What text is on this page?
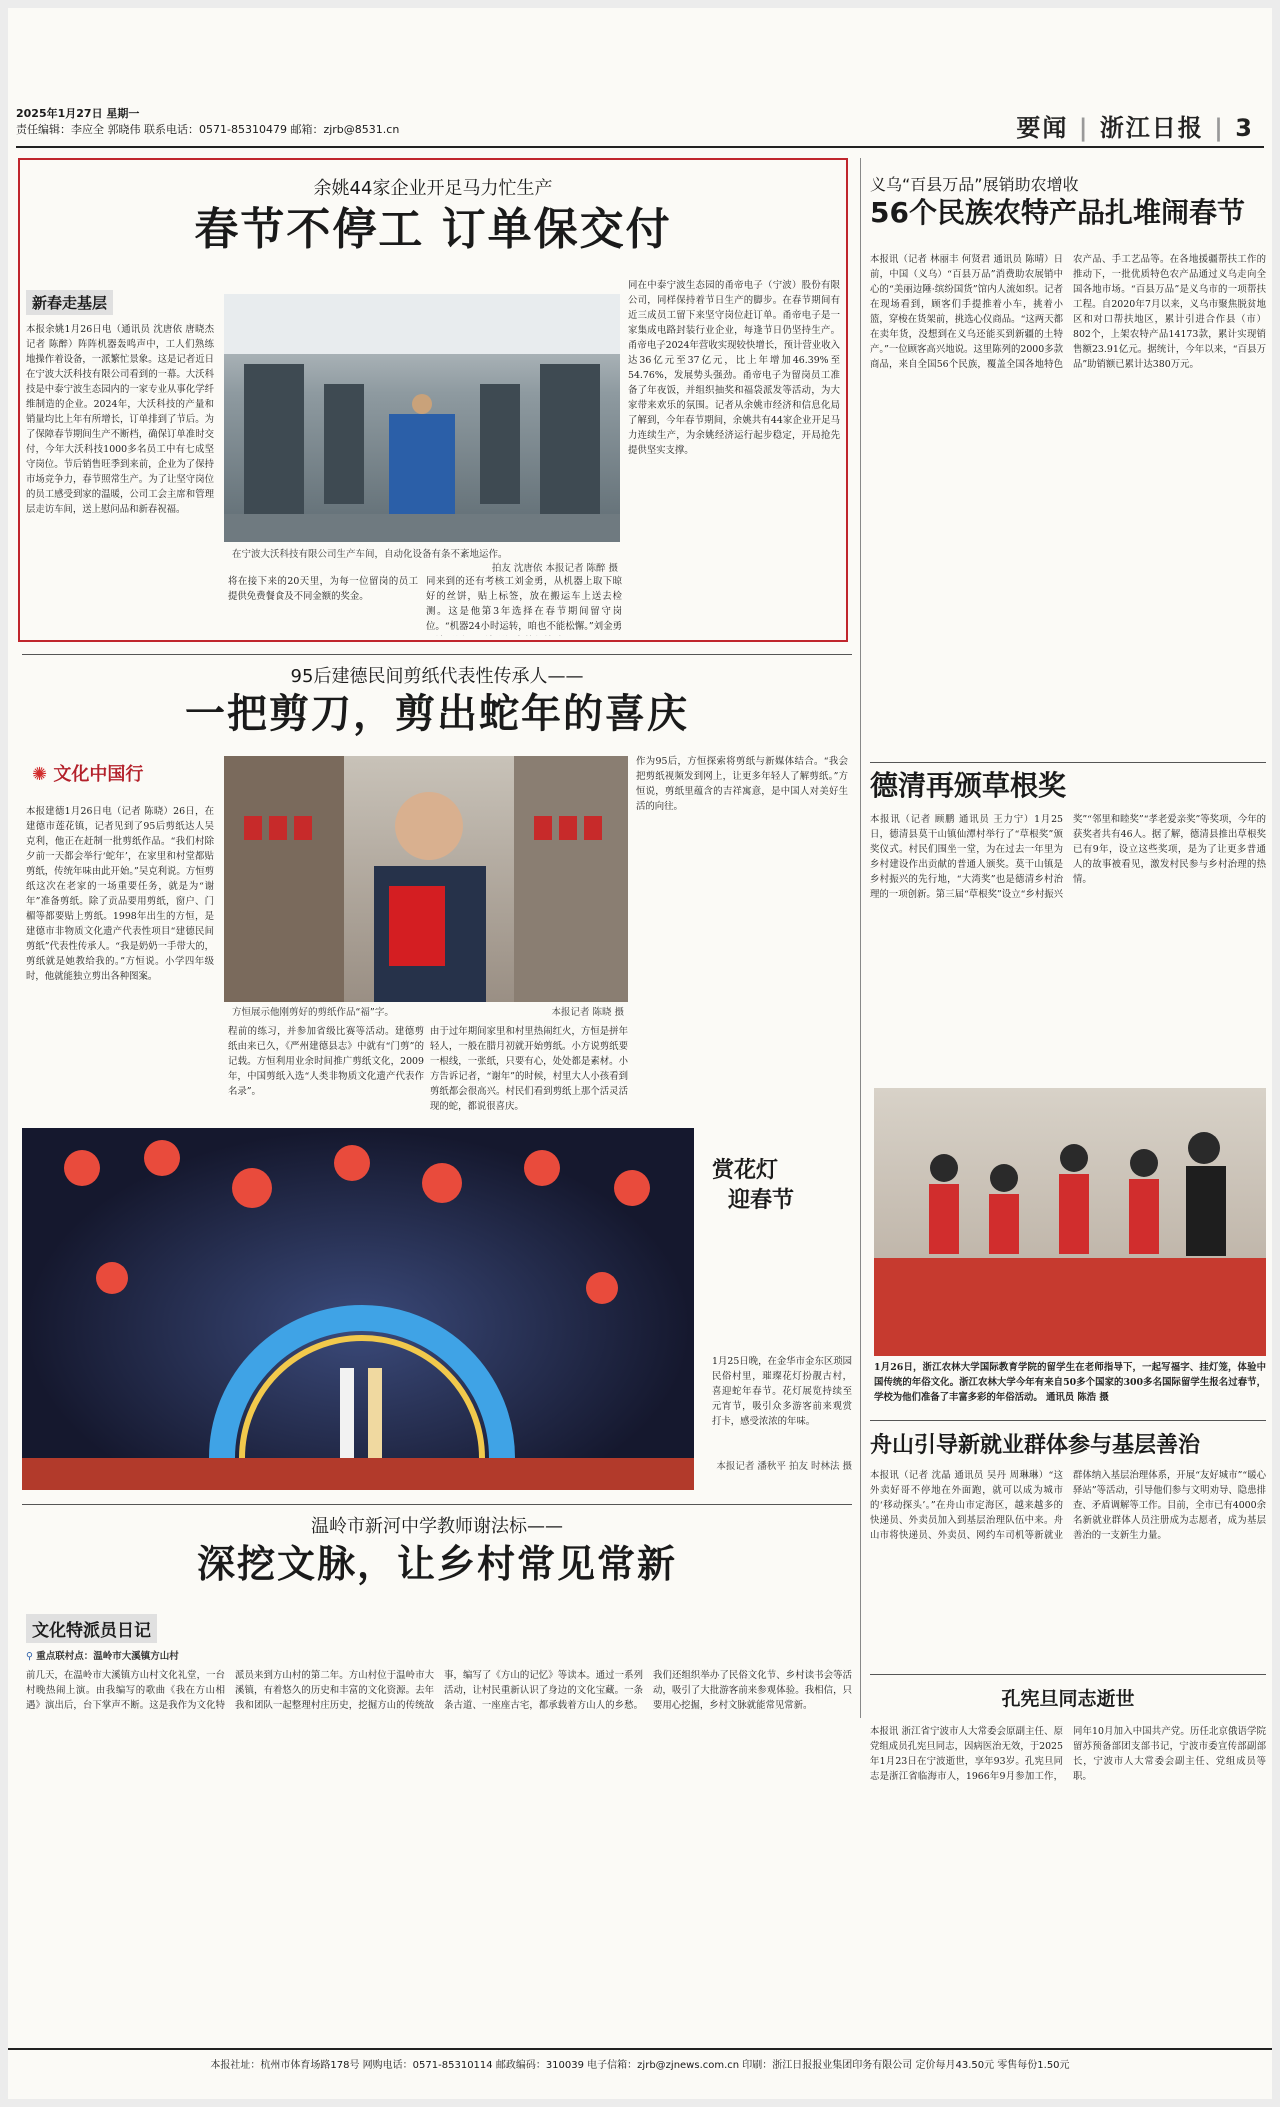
2025年1月27日 星期一
责任编辑：李应全 郭晓伟 联系电话：0571-85310479 邮箱：zjrb@8531.cn	要闻 | 浙江日报 | 3
余姚44家企业开足马力忙生产
春节不停工 订单保交付
新春走基层
本报余姚1月26日电（通讯员 沈唐依 唐晓杰 记者 陈醉）阵阵机器轰鸣声中，工人们熟练地操作着设备，一派繁忙景象。这是记者近日在宁波大沃科技有限公司看到的一幕。大沃科技是中泰宁波生态园内的一家专业从事化学纤维制造的企业。2024年，大沃科技的产量和销量均比上年有所增长，订单排到了节后。为了保障春节期间生产不断档，确保订单准时交付，今年大沃科技1000多名员工中有七成坚守岗位。节后销售旺季到来前，企业为了保持市场竞争力，春节照常生产。为了让坚守岗位的员工感受到家的温暖，公司工会主席和管理层走访车间，送上慰问品和新春祝福。
在宁波大沃科技有限公司生产车间，自动化设备有条不紊地运作。
拍友 沈唐依 本报记者 陈醉 摄
将在接下来的20天里，为每一位留岗的员工提供免费餐食及不同金额的奖金。
同来到的还有考核工刘金勇，从机器上取下晾好的丝饼，贴上标签，放在搬运车上送去检测。这是他第3年选择在春节期间留守岗位。“机器24小时运转，咱也不能松懈。”刘金勇
同在中泰宁波生态园的甬帝电子（宁波）股份有限公司，同样保持着节日生产的脚步。在春节期间有近三成员工留下来坚守岗位赶订单。甬帝电子是一家集成电路封装行业企业，每逢节日仍坚持生产。甬帝电子2024年营收实现较快增长，预计营业收入达36亿元至37亿元，比上年增加46.39%至54.76%，发展势头强劲。甬帝电子为留岗员工准备了年夜饭，并组织抽奖和福袋派发等活动，为大家带来欢乐的氛围。记者从余姚市经济和信息化局了解到，今年春节期间，余姚共有44家企业开足马力连续生产，为余姚经济运行起步稳定，开局抢先提供坚实支撑。
义乌“百县万品”展销助农增收
56个民族农特产品扎堆闹春节
本报讯（记者 林丽丰 何贤君 通讯员 陈晴）日前，中国（义乌）“百县万品”消费助农展销中心的“美丽边陲·缤纷国货”馆内人流如织。记者在现场看到，顾客们手提推着小车，挑着小篮，穿梭在货架前，挑选心仪商品。“这两天都在卖年货，没想到在义乌还能买到新疆的土特产。”一位顾客高兴地说。这里陈列的2000多款商品，来自全国56个民族，覆盖全国各地特色农产品、手工艺品等。在各地援疆帮扶工作的推动下，一批优质特色农产品通过义乌走向全国各地市场。“百县万品”是义乌市的一项帮扶工程。自2020年7月以来，义乌市聚焦脱贫地区和对口帮扶地区，累计引进合作县（市）802个，上架农特产品14173款，累计实现销售额23.91亿元。据统计，今年以来，“百县万品”助销额已累计达380万元。
95后建德民间剪纸代表性传承人——
一把剪刀，剪出蛇年的喜庆
✺ 文化中国行
本报建德1月26日电（记者 陈晓）26日，在建德市莲花镇，记者见到了95后剪纸达人吴克利，他正在赶制一批剪纸作品。“我们村除夕前一天都会举行‘蛇年’，在家里和村堂都贴剪纸，传统年味由此开始。”吴克利说。方恒剪纸这次在老家的一场重要任务，就是为“谢年”准备剪纸。除了贡品要用剪纸，窗户、门楣等都要贴上剪纸。1998年出生的方恒，是建德市非物质文化遗产代表性项目“建德民间剪纸”代表性传承人。“我是奶奶一手带大的，剪纸就是她教给我的。”方恒说。小学四年级时，他就能独立剪出各种图案。
方恒展示他刚剪好的剪纸作品“福”字。	本报记者 陈晓 摄
程前的练习，并参加省级比赛等活动。建德剪纸由来已久，《严州建德县志》中就有“门剪”的记载。方恒利用业余时间推广剪纸文化，2009年，中国剪纸入选“人类非物质文化遗产代表作名录”。
由于过年期间家里和村里热闹红火，方恒是拼年轻人，一般在腊月初就开始剪纸。小方说剪纸要一根线，一张纸，只要有心，处处都是素材。小方告诉记者，“谢年”的时候，村里大人小孩看到剪纸都会很高兴。村民们看到剪纸上那个活灵活现的蛇，都说很喜庆。
作为95后，方恒探索将剪纸与新媒体结合。“我会把剪纸视频发到网上，让更多年轻人了解剪纸。”方恒说，剪纸里蕴含的吉祥寓意，是中国人对美好生活的向往。
赏花灯
迎春节
1月25日晚，在金华市金东区琐园民俗村里，璀璨花灯扮靓古村，喜迎蛇年春节。花灯展览持续至元宵节，吸引众多游客前来观赏打卡，感受浓浓的年味。
本报记者 潘秋平 拍友 时林法 摄
德清再颁草根奖
本报讯（记者 顾鹏 通讯员 王力宁）1月25日，德清县莫干山镇仙潭村举行了“草根奖”颁奖仪式。村民们围坐一堂，为在过去一年里为乡村建设作出贡献的普通人颁奖。莫干山镇是乡村振兴的先行地，“大湾奖”也是德清乡村治理的一项创新。第三届“草根奖”设立“乡村振兴奖”“邻里和睦奖”“孝老爱亲奖”等奖项，今年的获奖者共有46人。据了解，德清县推出草根奖已有9年，设立这些奖项，是为了让更多普通人的故事被看见，激发村民参与乡村治理的热情。
1月26日，浙江农林大学国际教育学院的留学生在老师指导下，一起写福字、挂灯笼，体验中国传统的年俗文化。浙江农林大学今年有来自50多个国家的300多名国际留学生报名过春节，学校为他们准备了丰富多彩的年俗活动。 通讯员 陈浩 摄
舟山引导新就业群体参与基层善治
本报讯（记者 沈晶 通讯员 吴丹 周琳琳）“这外卖好哥不停地在外面跑，就可以成为城市的‘移动探头’。”在舟山市定海区，越来越多的快递员、外卖员加入到基层治理队伍中来。舟山市将快递员、外卖员、网约车司机等新就业群体纳入基层治理体系，开展“友好城市”“暖心驿站”等活动，引导他们参与文明劝导、隐患排查、矛盾调解等工作。目前，全市已有4000余名新就业群体人员注册成为志愿者，成为基层善治的一支新生力量。
孔宪旦同志逝世
本报讯 浙江省宁波市人大常委会原副主任、原党组成员孔宪旦同志，因病医治无效，于2025年1月23日在宁波逝世，享年93岁。孔宪旦同志是浙江省临海市人，1966年9月参加工作，同年10月加入中国共产党。历任北京俄语学院留苏预备部团支部书记，宁波市委宣传部副部长，宁波市人大常委会副主任、党组成员等职。
温岭市新河中学教师谢法标——
深挖文脉，让乡村常见常新
文化特派员日记
⚲ 重点联村点：温岭市大溪镇方山村
前几天，在温岭市大溪镇方山村文化礼堂，一台村晚热闹上演。由我编写的歌曲《我在方山相遇》演出后，台下掌声不断。这是我作为文化特派员来到方山村的第二年。方山村位于温岭市大溪镇，有着悠久的历史和丰富的文化资源。去年我和团队一起整理村庄历史，挖掘方山的传统故事，编写了《方山的记忆》等读本。通过一系列活动，让村民重新认识了身边的文化宝藏。一条条古道、一座座古宅，都承载着方山人的乡愁。我们还组织举办了民俗文化节、乡村读书会等活动，吸引了大批游客前来参观体验。我相信，只要用心挖掘，乡村文脉就能常见常新。
本报社址：杭州市体育场路178号 网购电话：0571-85310114 邮政编码：310039 电子信箱：zjrb@zjnews.com.cn 印刷：浙江日报报业集团印务有限公司 定价每月43.50元 零售每份1.50元
